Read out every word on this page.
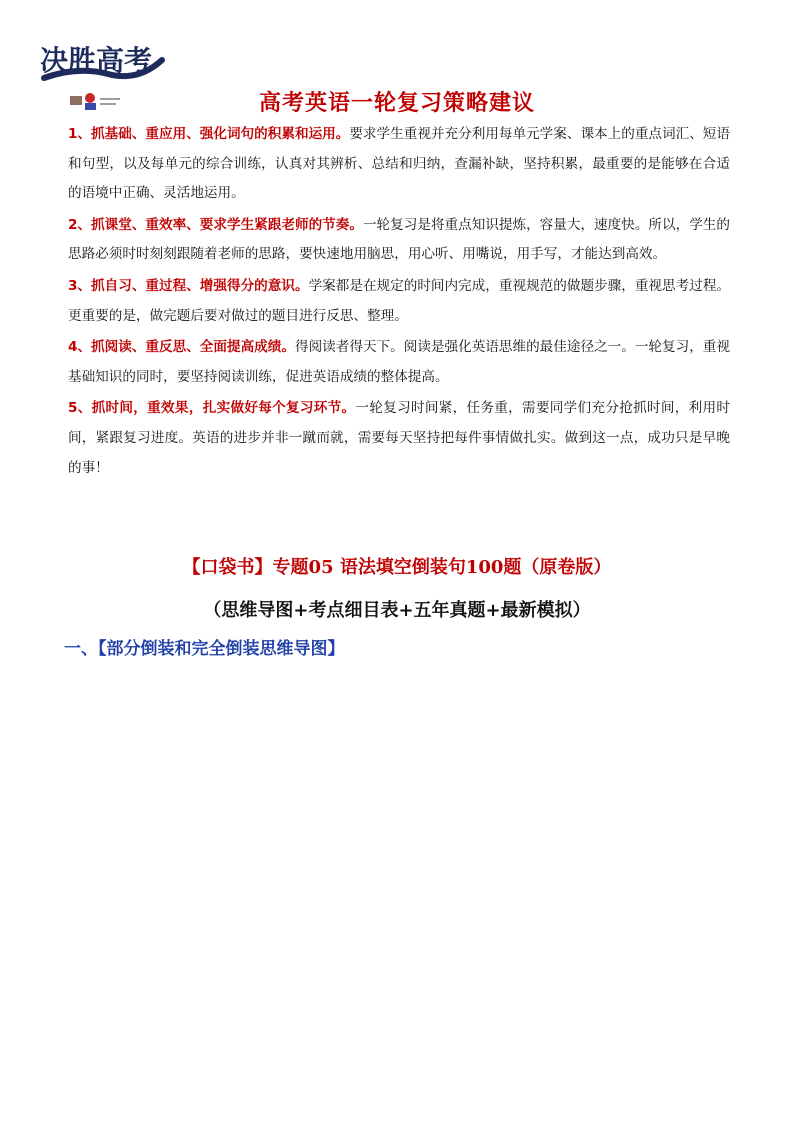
决胜高考
高考英语一轮复习策略建议

1、抓基础、重应用、强化词句的积累和运用。要求学生重视并充分利用每单元学案、课本上的重点词汇、短语和句型，以及每单元的综合训练，认真对其辨析、总结和归纳，查漏补缺，坚持积累，最重要的是能够在合适的语境中正确、灵活地运用。

2、抓课堂、重效率、要求学生紧跟老师的节奏。一轮复习是将重点知识提炼，容量大，速度快。所以，学生的思路必须时时刻刻跟随着老师的思路，要快速地用脑思，用心听、用嘴说，用手写，才能达到高效。

3、抓自习、重过程、增强得分的意识。学案都是在规定的时间内完成，重视规范的做题步骤，重视思考过程。更重要的是，做完题后要对做过的题目进行反思、整理。

4、抓阅读、重反思、全面提高成绩。得阅读者得天下。阅读是强化英语思维的最佳途径之一。一轮复习，重视基础知识的同时，要坚持阅读训练，促进英语成绩的整体提高。

5、抓时间，重效果，扎实做好每个复习环节。一轮复习时间紧，任务重，需要同学们充分抢抓时间，利用时间，紧跟复习进度。英语的进步并非一蹴而就，需要每天坚持把每件事情做扎实。做到这一点，成功只是早晚的事！

【口袋书】专题05 语法填空倒装句100题（原卷版）
（思维导图+考点细目表+五年真题+最新模拟）
一、【部分倒装和完全倒装思维导图】
